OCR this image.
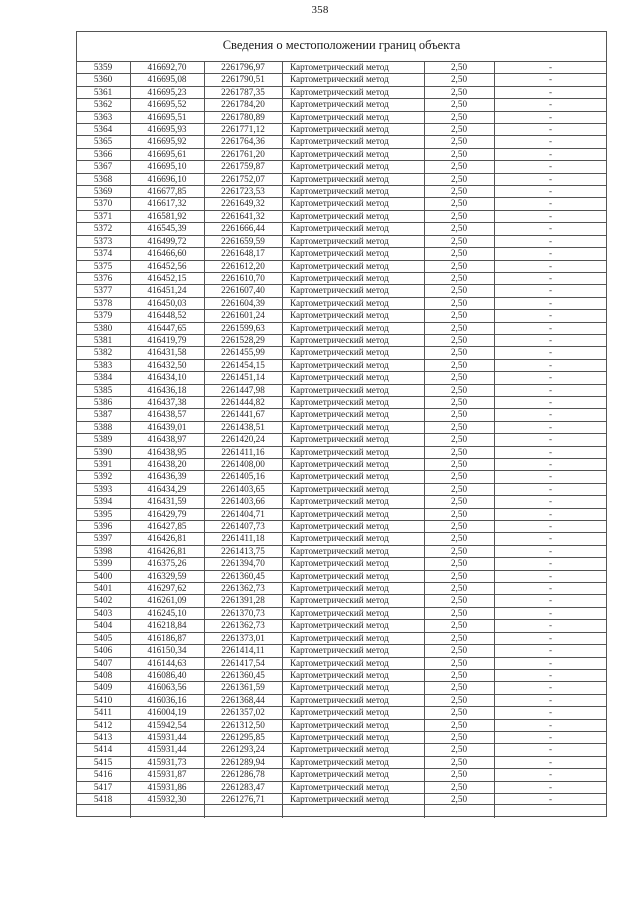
358
Сведения о местоположении границ объекта
5359	416692,70	2261796,97	Картометрический метод	2,50	-
5360	416695,08	2261790,51	Картометрический метод	2,50	-
5361	416695,23	2261787,35	Картометрический метод	2,50	-
5362	416695,52	2261784,20	Картометрический метод	2,50	-
5363	416695,51	2261780,89	Картометрический метод	2,50	-
5364	416695,93	2261771,12	Картометрический метод	2,50	-
5365	416695,92	2261764,36	Картометрический метод	2,50	-
5366	416695,61	2261761,20	Картометрический метод	2,50	-
5367	416695,10	2261759,87	Картометрический метод	2,50	-
5368	416696,10	2261752,07	Картометрический метод	2,50	-
5369	416677,85	2261723,53	Картометрический метод	2,50	-
5370	416617,32	2261649,32	Картометрический метод	2,50	-
5371	416581,92	2261641,32	Картометрический метод	2,50	-
5372	416545,39	2261666,44	Картометрический метод	2,50	-
5373	416499,72	2261659,59	Картометрический метод	2,50	-
5374	416466,60	2261648,17	Картометрический метод	2,50	-
5375	416452,56	2261612,20	Картометрический метод	2,50	-
5376	416452,15	2261610,70	Картометрический метод	2,50	-
5377	416451,24	2261607,40	Картометрический метод	2,50	-
5378	416450,03	2261604,39	Картометрический метод	2,50	-
5379	416448,52	2261601,24	Картометрический метод	2,50	-
5380	416447,65	2261599,63	Картометрический метод	2,50	-
5381	416419,79	2261528,29	Картометрический метод	2,50	-
5382	416431,58	2261455,99	Картометрический метод	2,50	-
5383	416432,50	2261454,15	Картометрический метод	2,50	-
5384	416434,10	2261451,14	Картометрический метод	2,50	-
5385	416436,18	2261447,98	Картометрический метод	2,50	-
5386	416437,38	2261444,82	Картометрический метод	2,50	-
5387	416438,57	2261441,67	Картометрический метод	2,50	-
5388	416439,01	2261438,51	Картометрический метод	2,50	-
5389	416438,97	2261420,24	Картометрический метод	2,50	-
5390	416438,95	2261411,16	Картометрический метод	2,50	-
5391	416438,20	2261408,00	Картометрический метод	2,50	-
5392	416436,39	2261405,16	Картометрический метод	2,50	-
5393	416434,29	2261403,65	Картометрический метод	2,50	-
5394	416431,59	2261403,66	Картометрический метод	2,50	-
5395	416429,79	2261404,71	Картометрический метод	2,50	-
5396	416427,85	2261407,73	Картометрический метод	2,50	-
5397	416426,81	2261411,18	Картометрический метод	2,50	-
5398	416426,81	2261413,75	Картометрический метод	2,50	-
5399	416375,26	2261394,70	Картометрический метод	2,50	-
5400	416329,59	2261360,45	Картометрический метод	2,50	-
5401	416297,62	2261362,73	Картометрический метод	2,50	-
5402	416261,09	2261391,28	Картометрический метод	2,50	-
5403	416245,10	2261370,73	Картометрический метод	2,50	-
5404	416218,84	2261362,73	Картометрический метод	2,50	-
5405	416186,87	2261373,01	Картометрический метод	2,50	-
5406	416150,34	2261414,11	Картометрический метод	2,50	-
5407	416144,63	2261417,54	Картометрический метод	2,50	-
5408	416086,40	2261360,45	Картометрический метод	2,50	-
5409	416063,56	2261361,59	Картометрический метод	2,50	-
5410	416036,16	2261368,44	Картометрический метод	2,50	-
5411	416004,19	2261357,02	Картометрический метод	2,50	-
5412	415942,54	2261312,50	Картометрический метод	2,50	-
5413	415931,44	2261295,85	Картометрический метод	2,50	-
5414	415931,44	2261293,24	Картометрический метод	2,50	-
5415	415931,73	2261289,94	Картометрический метод	2,50	-
5416	415931,87	2261286,78	Картометрический метод	2,50	-
5417	415931,86	2261283,47	Картометрический метод	2,50	-
5418	415932,30	2261276,71	Картометрический метод	2,50	-
